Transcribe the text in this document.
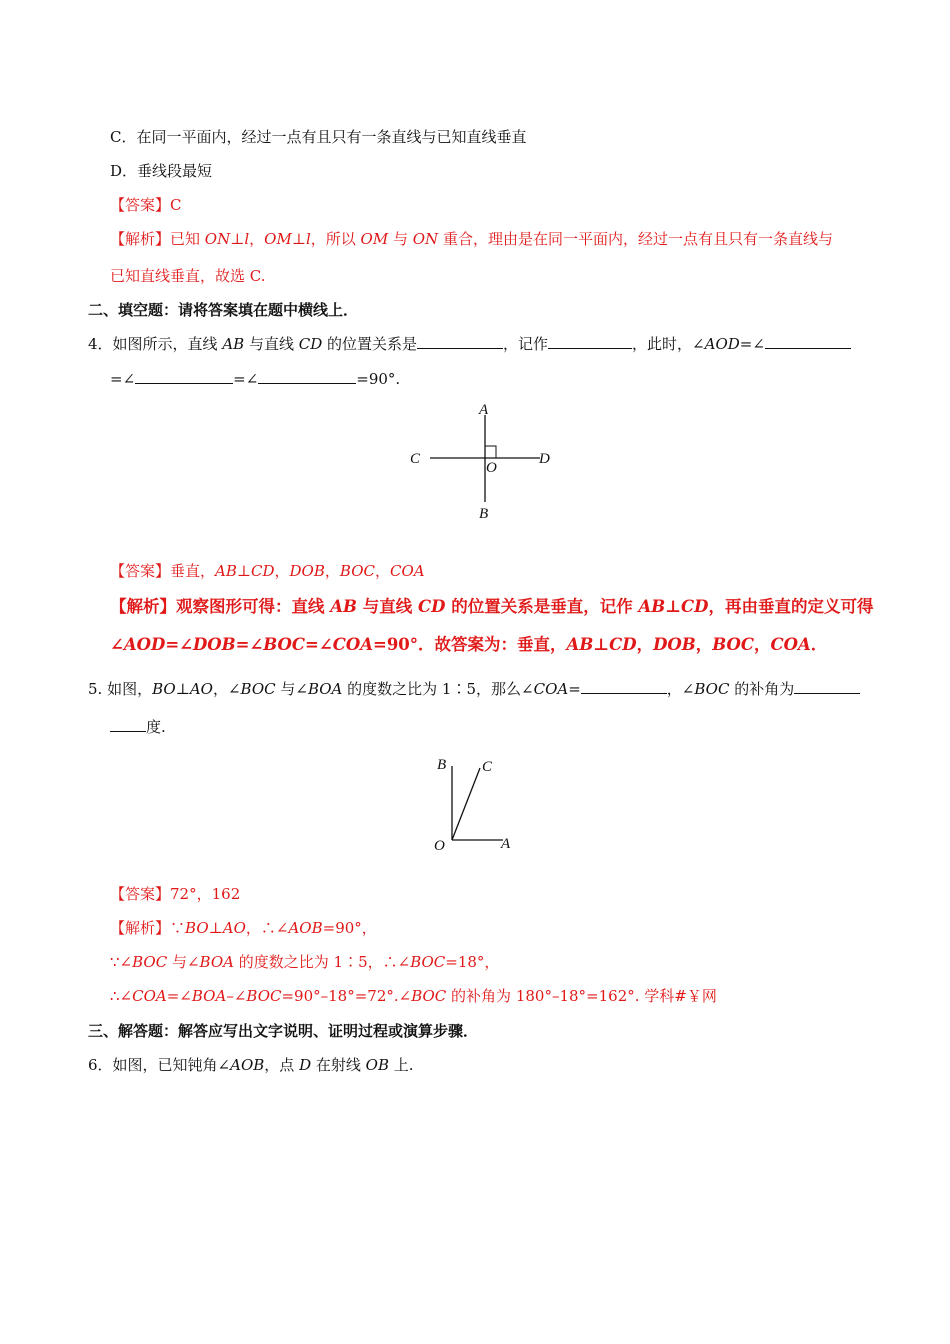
C．在同一平面内，经过一点有且只有一条直线与已知直线垂直
D．垂线段最短
【答案】C
【解析】已知 ON⊥l，OM⊥l，所以 OM 与 ON 重合，理由是在同一平面内，经过一点有且只有一条直线与
已知直线垂直，故选 C.
二、填空题：请将答案填在题中横线上．
4．如图所示，直线 AB 与直线 CD 的位置关系是	，记作	，此时，∠AOD=∠
=∠	=∠	=90°.
A
B
C	D
O
【答案】垂直，AB⊥CD，DOB，BOC，COA
【解析】观察图形可得：直线 AB 与直线 CD 的位置关系是垂直，记作 AB⊥CD，再由垂直的定义可得
∠AOD=∠DOB=∠BOC=∠COA=90°．故答案为：垂直，AB⊥CD，DOB，BOC，COA．
5. 如图，BO⊥AO，∠BOC 与∠BOA 的度数之比为 1∶5，那么∠COA=	，∠BOC 的补角为
度.
B C
O	A
【答案】72°，162
【解析】∵BO⊥AO，∴∠AOB=90°，
∵∠BOC 与∠BOA 的度数之比为 1∶5，∴∠BOC=18°，
∴∠COA=∠BOA–∠BOC=90°–18°=72°.∠BOC 的补角为 180°–18°=162°. 学科#￥网
三、解答题：解答应写出文字说明、证明过程或演算步骤．
6．如图，已知钝角∠AOB，点 D 在射线 OB 上.
